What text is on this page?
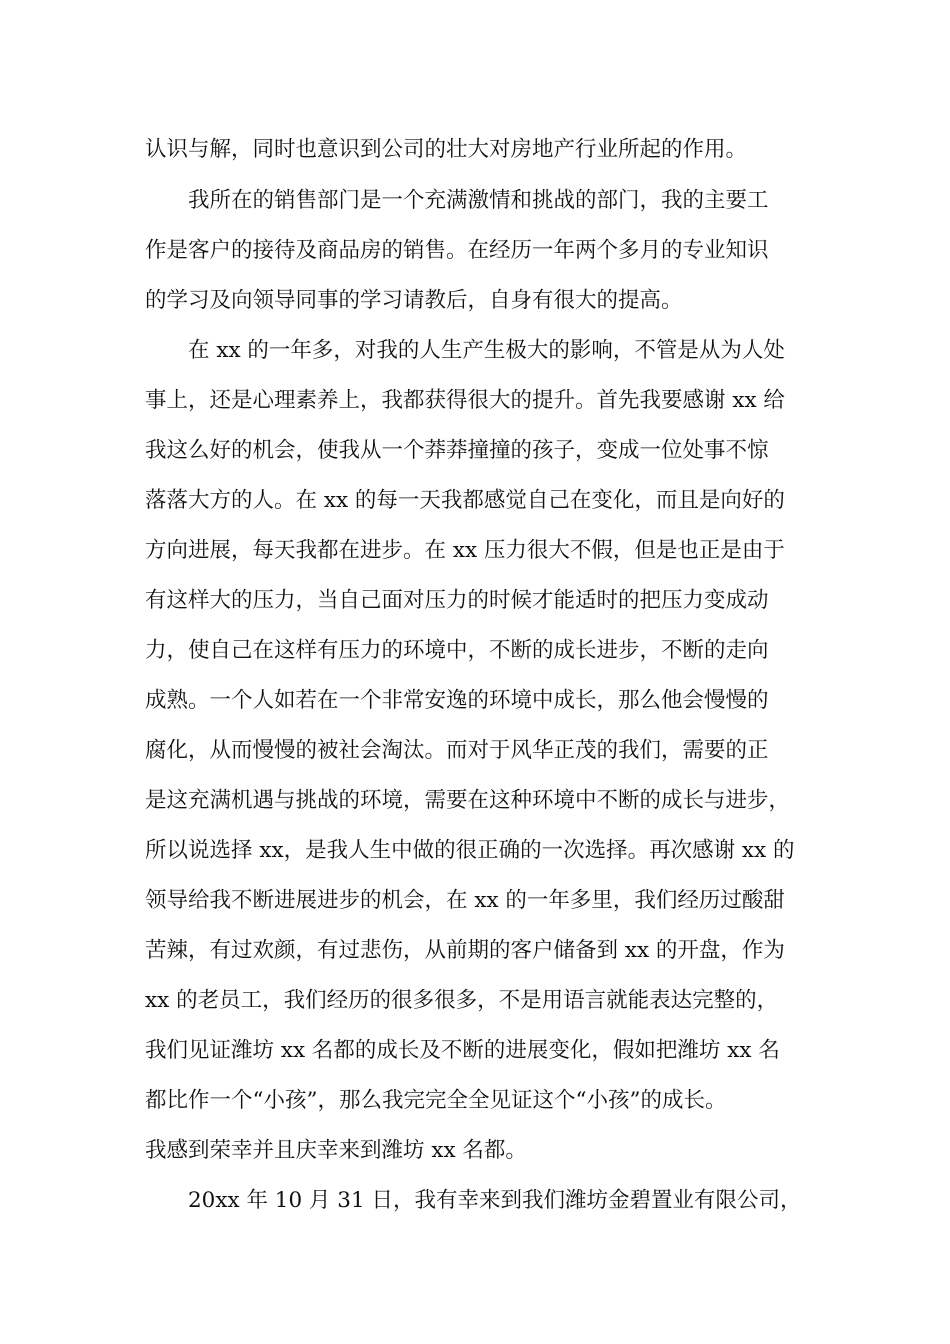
认识与解，同时也意识到公司的壮大对房地产行业所起的作用。
我所在的销售部门是一个充满激情和挑战的部门，我的主要工
作是客户的接待及商品房的销售。在经历一年两个多月的专业知识
的学习及向领导同事的学习请教后，自身有很大的提高。
在 xx 的一年多，对我的人生产生极大的影响，不管是从为人处
事上，还是心理素养上，我都获得很大的提升。首先我要感谢 xx 给
我这么好的机会，使我从一个莽莽撞撞的孩子，变成一位处事不惊
落落大方的人。在 xx 的每一天我都感觉自己在变化，而且是向好的
方向进展，每天我都在进步。在 xx 压力很大不假，但是也正是由于
有这样大的压力，当自己面对压力的时候才能适时的把压力变成动
力，使自己在这样有压力的环境中，不断的成长进步，不断的走向
成熟。一个人如若在一个非常安逸的环境中成长，那么他会慢慢的
腐化，从而慢慢的被社会淘汰。而对于风华正茂的我们，需要的正
是这充满机遇与挑战的环境，需要在这种环境中不断的成长与进步，
所以说选择 xx，是我人生中做的很正确的一次选择。再次感谢 xx 的
领导给我不断进展进步的机会，在 xx 的一年多里，我们经历过酸甜
苦辣，有过欢颜，有过悲伤，从前期的客户储备到 xx 的开盘，作为
xx 的老员工，我们经历的很多很多，不是用语言就能表达完整的，
我们见证潍坊 xx 名都的成长及不断的进展变化，假如把潍坊 xx 名
都比作一个“小孩”，那么我完完全全见证这个“小孩”的成长。
我感到荣幸并且庆幸来到潍坊 xx 名都。
20xx 年 10 月 31 日，我有幸来到我们潍坊金碧置业有限公司，
